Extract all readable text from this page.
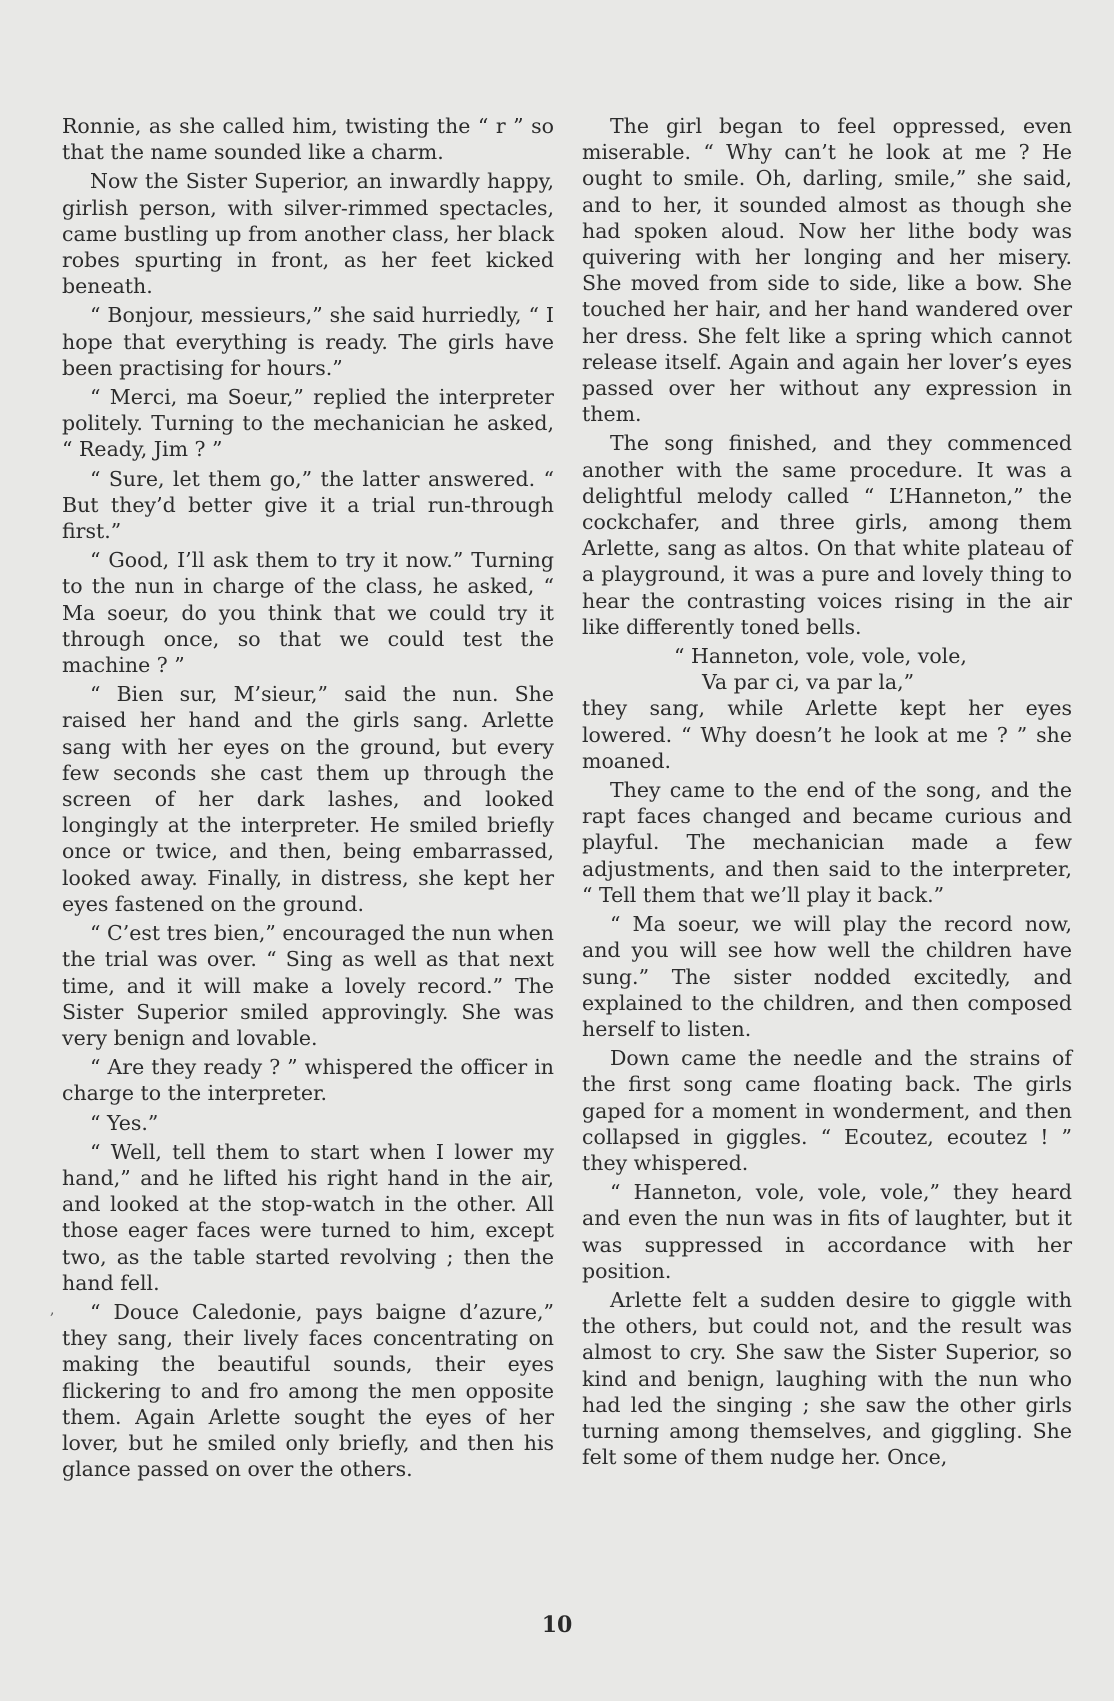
Ronnie, as she called him, twisting the “ r ” so that the name sounded like a charm.

Now the Sister Superior, an inwardly happy, girlish person, with silver-rimmed spectacles, came bustling up from another class, her black robes spurting in front, as her feet kicked beneath.

“ Bonjour, messieurs,” she said hurriedly, “ I hope that everything is ready. The girls have been practising for hours.”

“ Merci, ma Soeur,” replied the interpreter politely. Turning to the mechanician he asked, “ Ready, Jim ? ”

“ Sure, let them go,” the latter answered. “ But they’d better give it a trial run-through first.”

“ Good, I’ll ask them to try it now.” Turning to the nun in charge of the class, he asked, “ Ma soeur, do you think that we could try it through once, so that we could test the machine ? ”

“ Bien sur, M’sieur,” said the nun. She raised her hand and the girls sang. Arlette sang with her eyes on the ground, but every few seconds she cast them up through the screen of her dark lashes, and looked longingly at the interpreter. He smiled briefly once or twice, and then, being embarrassed, looked away. Finally, in distress, she kept her eyes fastened on the ground.

“ C’est tres bien,” encouraged the nun when the trial was over. “ Sing as well as that next time, and it will make a lovely record.” The Sister Superior smiled approvingly. She was very benign and lovable.

“ Are they ready ? ” whispered the officer in charge to the interpreter.

“ Yes.”

“ Well, tell them to start when I lower my hand,” and he lifted his right hand in the air, and looked at the stop-watch in the other. All those eager faces were turned to him, except two, as the table started revolving ; then the hand fell.

“ Douce Caledonie, pays baigne d’azure,” they sang, their lively faces concentrating on making the beautiful sounds, their eyes flickering to and fro among the men opposite them. Again Arlette sought the eyes of her lover, but he smiled only briefly, and then his glance passed on over the others.

The girl began to feel oppressed, even miserable. “ Why can’t he look at me ? He ought to smile. Oh, darling, smile,” she said, and to her, it sounded almost as though she had spoken aloud. Now her lithe body was quivering with her longing and her misery. She moved from side to side, like a bow. She touched her hair, and her hand wandered over her dress. She felt like a spring which cannot release itself. Again and again her lover’s eyes passed over her without any expression in them.

The song finished, and they commenced another with the same procedure. It was a delightful melody called “ L’Hanneton,” the cockchafer, and three girls, among them Arlette, sang as altos. On that white plateau of a playground, it was a pure and lovely thing to hear the contrasting voices rising in the air like differently toned bells.

“ Hanneton, vole, vole, vole,

Va par ci, va par la,”

they sang, while Arlette kept her eyes lowered. “ Why doesn’t he look at me ? ” she moaned.

They came to the end of the song, and the rapt faces changed and became curious and playful. The mechanician made a few adjustments, and then said to the interpreter, “ Tell them that we’ll play it back.”

“ Ma soeur, we will play the record now, and you will see how well the children have sung.” The sister nodded excitedly, and explained to the children, and then composed herself to listen.

Down came the needle and the strains of the first song came floating back. The girls gaped for a moment in wonderment, and then collapsed in giggles. “ Ecoutez, ecoutez ! ” they whispered.

“ Hanneton, vole, vole, vole,” they heard and even the nun was in fits of laughter, but it was suppressed in accordance with her position.

Arlette felt a sudden desire to giggle with the others, but could not, and the result was almost to cry. She saw the Sister Superior, so kind and benign, laughing with the nun who had led the singing ; she saw the other girls turning among themselves, and giggling. She felt some of them nudge her. Once,

,
10
